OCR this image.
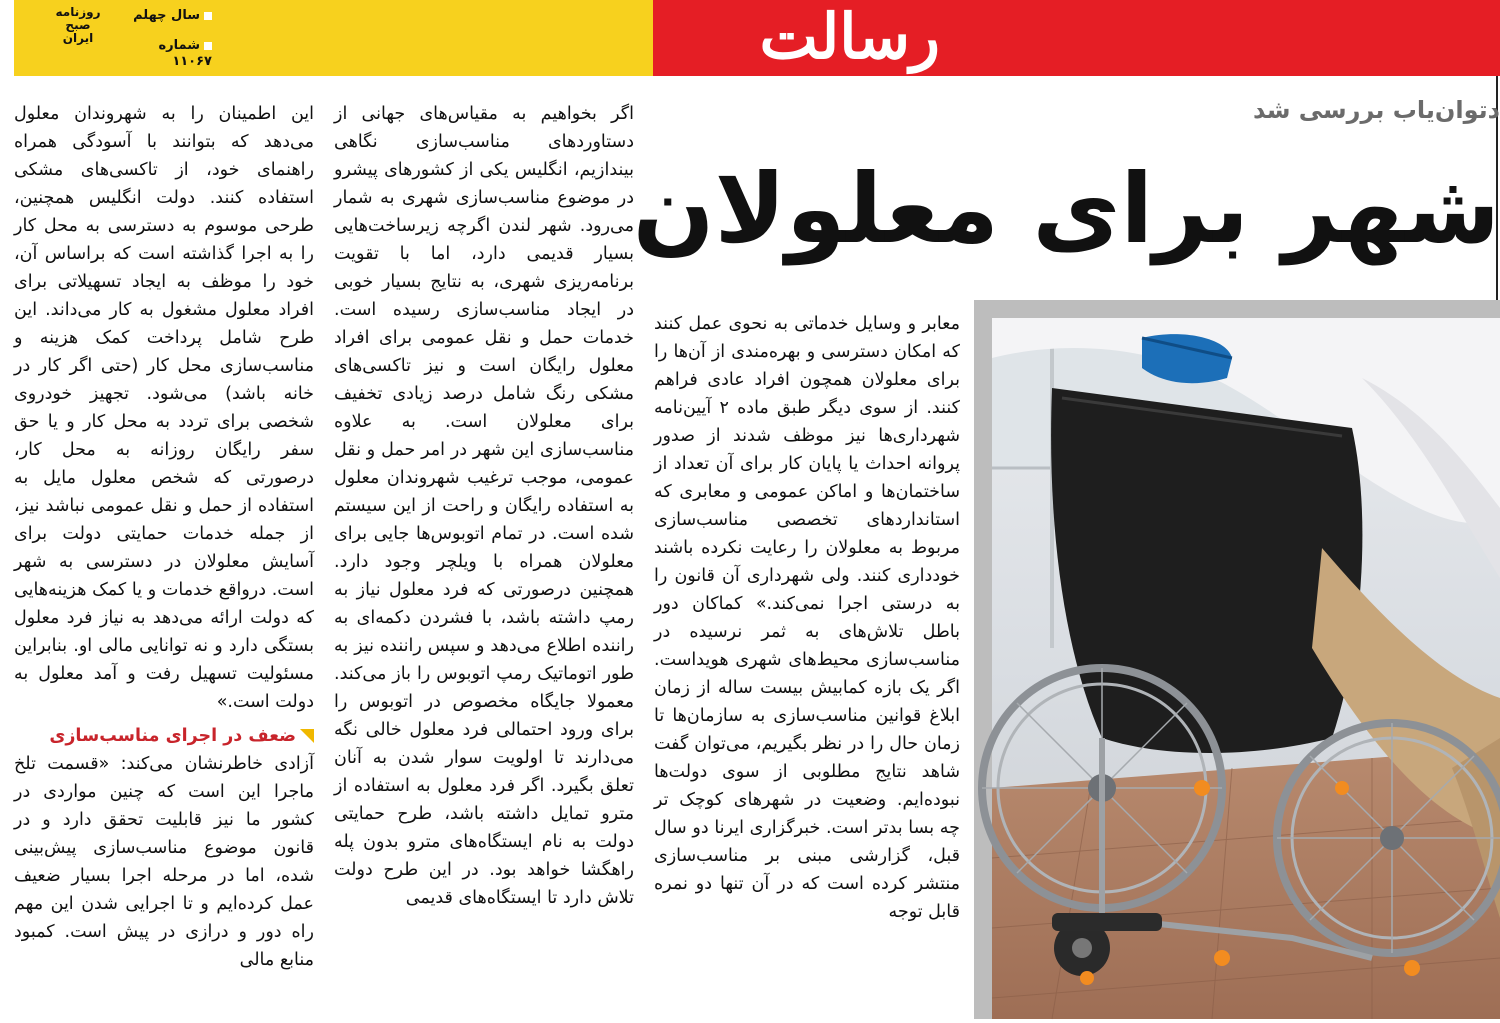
رسالت
روزنامه
صبح
ایران
سال چهلم
شماره ۱۱۰۶۷
دتوان‌یاب بررسی شد
شهر برای معلولان

معابر و وسایل خدماتی به نحوی عمل کنند که امکان دسترسی و بهره‌مندی از آن‌ها را برای معلولان همچون افراد عادی فراهم کنند. از سوی دیگر طبق ماده ۲ آیین‌نامه شهرداری‌ها نیز موظف شدند از صدور پروانه احداث یا پایان کار برای آن تعداد از ساختمان‌ها و اماکن عمومی و معابری که استانداردهای تخصصی مناسب‌سازی مربوط به معلولان را رعایت نکرده باشند خودداری کنند. ولی شهرداری آن قانون را به درستی اجرا نمی‌کند.» کماکان دور باطل تلاش‌های به ثمر نرسیده در مناسب‌سازی محیط‌های شهری هویداست. اگر یک بازه کمابیش بیست ساله از زمان ابلاغ قوانین مناسب‌سازی به سازمان‌ها تا زمان حال را در نظر بگیریم، می‌توان گفت شاهد نتایج مطلوبی از سوی دولت‌ها نبوده‌ایم. وضعیت در شهرهای کوچک تر چه بسا بدتر است. خبرگزاری ایرنا دو سال قبل، گزارشی مبنی بر مناسب‌سازی منتشر کرده است که در آن تنها دو نمره قابل توجه

اگر بخواهیم به مقیاس‌های جهانی از دستاوردهای مناسب‌سازی نگاهی بیندازیم، انگلیس یکی از کشورهای پیشرو در موضوع مناسب‌سازی شهری به شمار می‌رود. شهر لندن اگرچه زیرساخت‌هایی بسیار قدیمی دارد، اما با تقویت برنامه‌ریزی شهری، به نتایج بسیار خوبی در ایجاد مناسب‌سازی رسیده است. خدمات حمل و نقل عمومی برای افراد معلول رایگان است و نیز تاکسی‌های مشکی رنگ شامل درصد زیادی تخفیف برای معلولان است. به علاوه مناسب‌سازی این شهر در امر حمل و نقل عمومی، موجب ترغیب شهروندان معلول به استفاده رایگان و راحت از این سیستم شده است. در تمام اتوبوس‌ها جایی برای معلولان همراه با ویلچر وجود دارد. همچنین درصورتی که فرد معلول نیاز به رمپ داشته باشد، با فشردن دکمه‌ای به راننده اطلاع می‌دهد و سپس راننده نیز به طور اتوماتیک رمپ اتوبوس را باز می‌کند. معمولا جایگاه مخصوص در اتوبوس را برای ورود احتمالی فرد معلول خالی نگه می‌دارند تا اولویت سوار شدن به آنان تعلق بگیرد. اگر فرد معلول به استفاده از مترو تمایل داشته باشد، طرح حمایتی دولت به نام ایستگاه‌های مترو بدون پله راهگشا خواهد بود. در این طرح دولت تلاش دارد تا ایستگاه‌های قدیمی

این اطمینان را به شهروندان معلول می‌دهد که بتوانند با آسودگی همراه راهنمای خود، از تاکسی‌های مشکی استفاده کنند. دولت انگلیس همچنین، طرحی موسوم به دسترسی به محل کار را به اجرا گذاشته است که براساس آن، خود را موظف به ایجاد تسهیلاتی برای افراد معلول مشغول به کار می‌داند. این طرح شامل پرداخت کمک هزینه و مناسب‌سازی محل کار (حتی اگر کار در خانه باشد) می‌شود. تجهیز خودروی شخصی برای تردد به محل کار و یا حق سفر رایگان روزانه به محل کار، درصورتی که شخص معلول مایل به استفاده از حمل و نقل عمومی نباشد نیز، از جمله خدمات حمایتی دولت برای آسایش معلولان در دسترسی به شهر است. درواقع خدمات و یا کمک هزینه‌هایی که دولت ارائه می‌دهد به نیاز فرد معلول بستگی دارد و نه توانایی مالی او. بنابراین مسئولیت تسهیل رفت و آمد معلول به دولت است.»

ضعف در اجرای مناسب‌سازی

آزادی خاطرنشان می‌کند: «قسمت تلخ ماجرا این است که چنین مواردی در کشور ما نیز قابلیت تحقق دارد و در قانون موضوع مناسب‌سازی پیش‌بینی شده، اما در مرحله اجرا بسیار ضعیف عمل کرده‌ایم و تا اجرایی شدن این مهم راه دور و درازی در پیش است. کمبود منابع مالی
